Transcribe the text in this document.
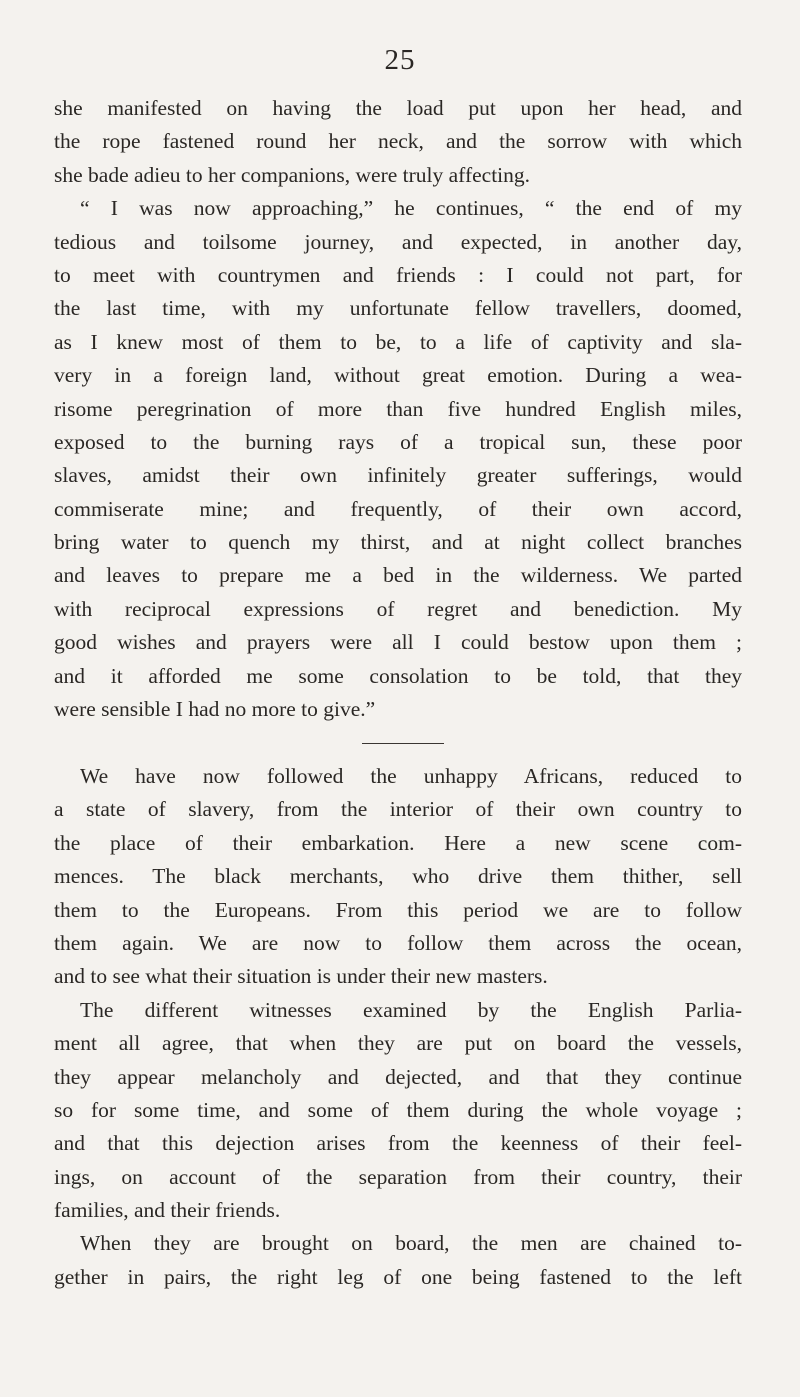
25
she manifested on having the load put upon her head, and
the rope fastened round her neck, and the sorrow with which
she bade adieu to her companions, were truly affecting.
“ I was now approaching,” he continues, “ the end of my
tedious and toilsome journey, and expected, in another day,
to meet with countrymen and friends : I could not part, for
the last time, with my unfortunate fellow travellers, doomed,
as I knew most of them to be, to a life of captivity and sla-
very in a foreign land, without great emotion. During a wea-
risome peregrination of more than five hundred English miles,
exposed to the burning rays of a tropical sun, these poor
slaves, amidst their own infinitely greater sufferings, would
commiserate mine; and frequently, of their own accord,
bring water to quench my thirst, and at night collect branches
and leaves to prepare me a bed in the wilderness. We parted
with reciprocal expressions of regret and benediction. My
good wishes and prayers were all I could bestow upon them ;
and it afforded me some consolation to be told, that they
were sensible I had no more to give.”
We have now followed the unhappy Africans, reduced to
a state of slavery, from the interior of their own country to
the place of their embarkation. Here a new scene com-
mences. The black merchants, who drive them thither, sell
them to the Europeans. From this period we are to follow
them again. We are now to follow them across the ocean,
and to see what their situation is under their new masters.
The different witnesses examined by the English Parlia-
ment all agree, that when they are put on board the vessels,
they appear melancholy and dejected, and that they continue
so for some time, and some of them during the whole voyage ;
and that this dejection arises from the keenness of their feel-
ings, on account of the separation from their country, their
families, and their friends.
When they are brought on board, the men are chained to-
gether in pairs, the right leg of one being fastened to the left
